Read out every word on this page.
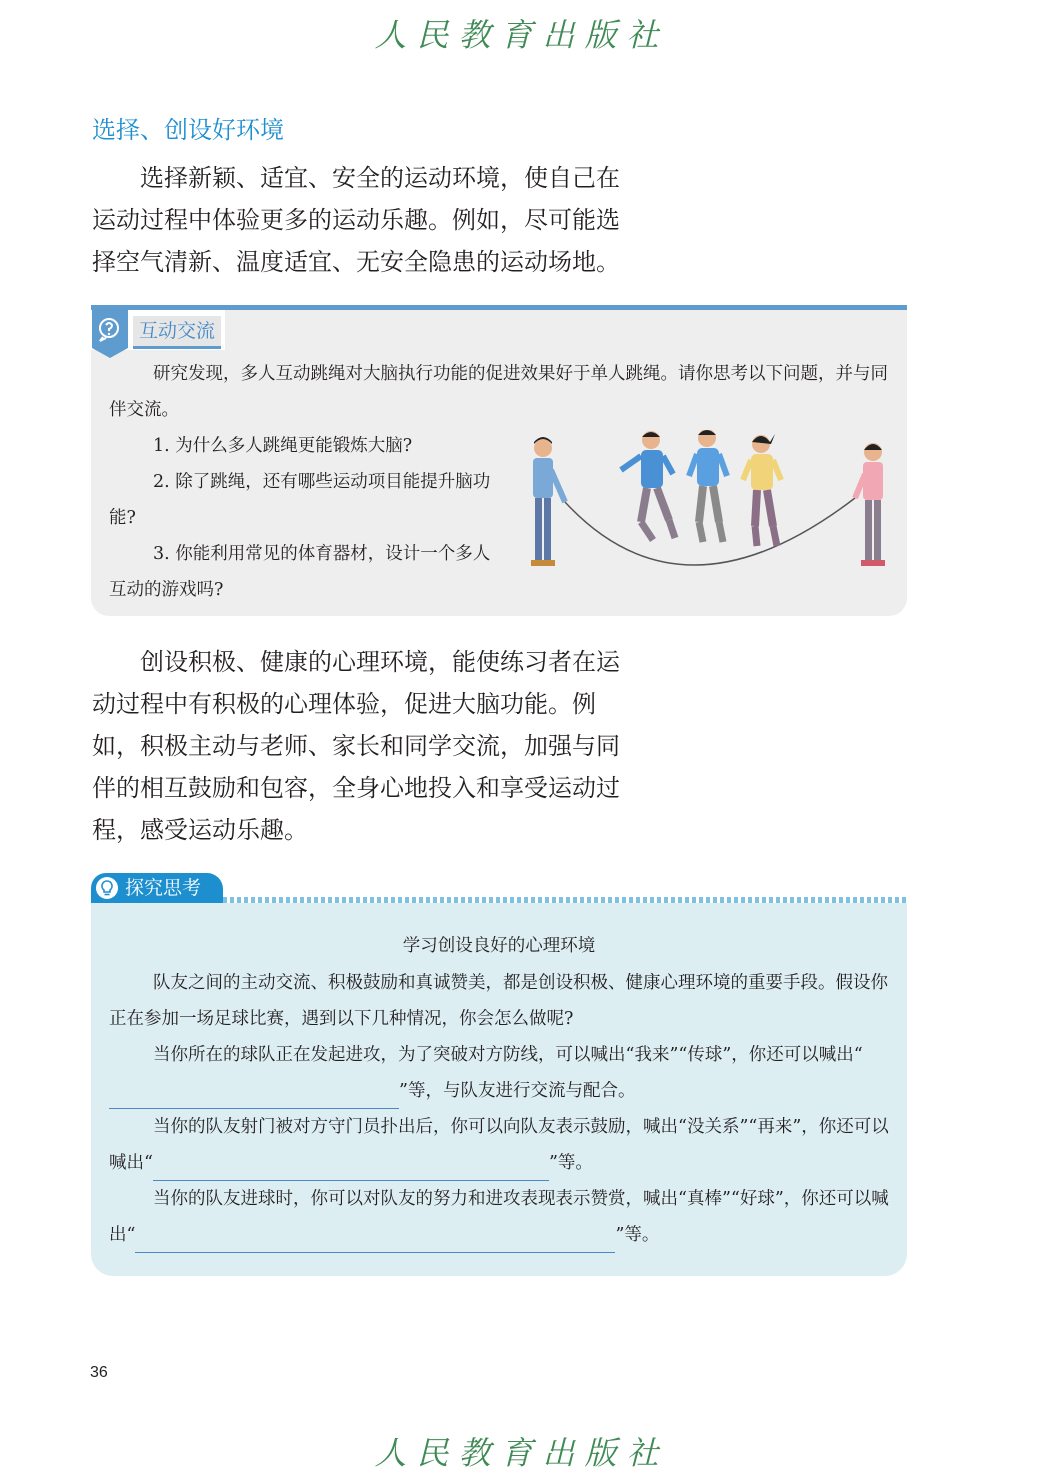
人民教育出版社
选择、创设好环境

选择新颖、适宜、安全的运动环境，使自己在运动过程中体验更多的运动乐趣。例如，尽可能选择空气清新、温度适宜、无安全隐患的运动场地。

互动交流

研究发现，多人互动跳绳对大脑执行功能的促进效果好于单人跳绳。请你思考以下问题，并与同伴交流。

1. 为什么多人跳绳更能锻炼大脑?

2. 除了跳绳，还有哪些运动项目能提升脑功能?

3. 你能利用常见的体育器材，设计一个多人互动的游戏吗?

创设积极、健康的心理环境，能使练习者在运动过程中有积极的心理体验，促进大脑功能。例如，积极主动与老师、家长和同学交流，加强与同伴的相互鼓励和包容，全身心地投入和享受运动过程，感受运动乐趣。

探究思考

学习创设良好的心理环境

队友之间的主动交流、积极鼓励和真诚赞美，都是创设积极、健康心理环境的重要手段。假设你正在参加一场足球比赛，遇到以下几种情况，你会怎么做呢?

当你所在的球队正在发起进攻，为了突破对方防线，可以喊出“我来”“传球”，你还可以喊出“”等，与队友进行交流与配合。

当你的队友射门被对方守门员扑出后，你可以向队友表示鼓励，喊出“没关系”“再来”，你还可以喊出“	”等。

当你的队友进球时，你可以对队友的努力和进攻表现表示赞赏，喊出“真棒”“好球”，你还可以喊出“	”等。

36
人民教育出版社
